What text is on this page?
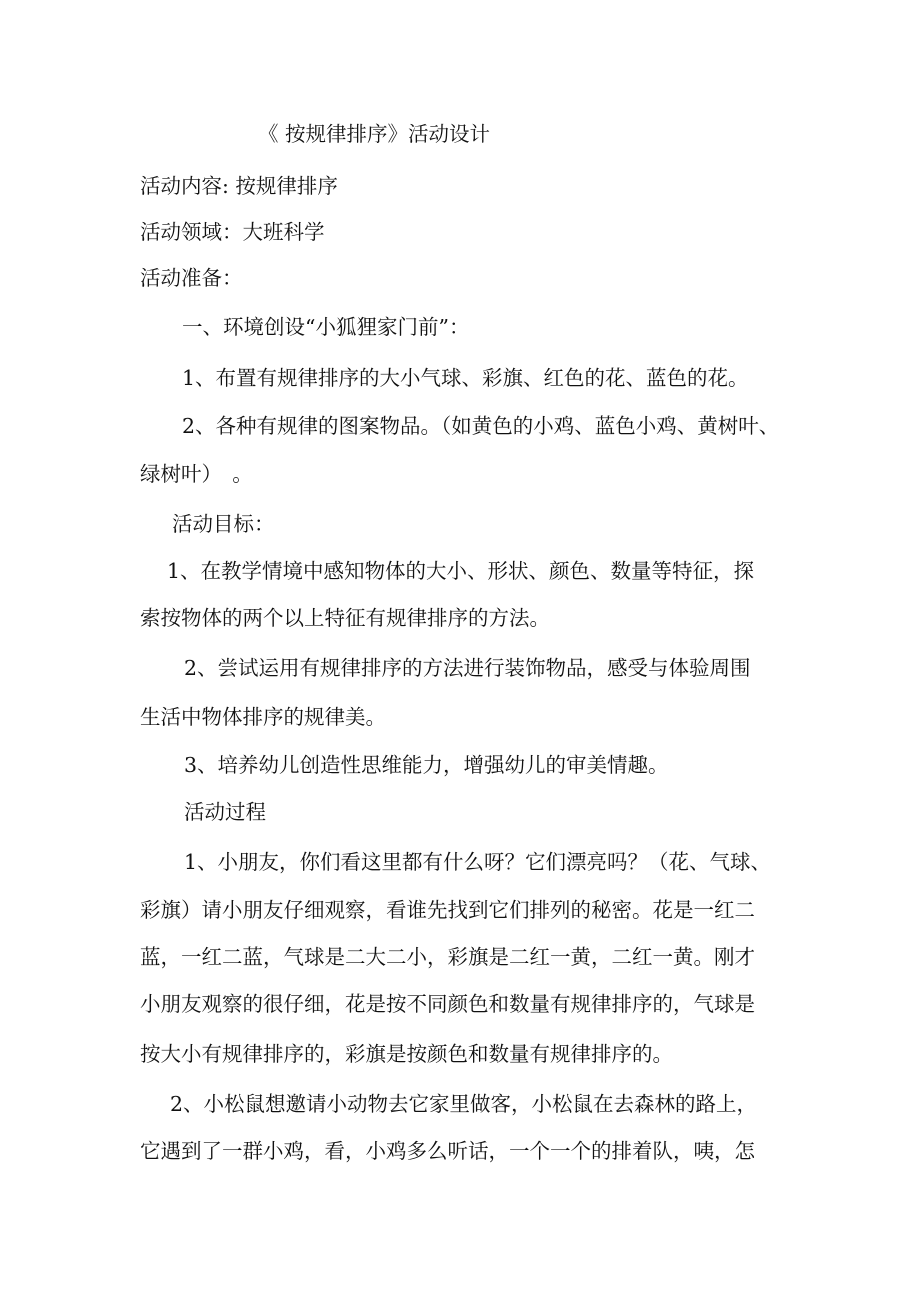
《 按规律排序》活动设计

活动内容: 按规律排序

活动领域：大班科学

活动准备：

一、环境创设“小狐狸家门前”：

1、布置有规律排序的大小气球、彩旗、红色的花、蓝色的花。

2、各种有规律的图案物品。（如黄色的小鸡、蓝色小鸡、黄树叶、

绿树叶）　。

活动目标：

1、在教学情境中感知物体的大小、形状、颜色、数量等特征，探

索按物体的两个以上特征有规律排序的方法。

2、尝试运用有规律排序的方法进行装饰物品，感受与体验周围

生活中物体排序的规律美。

3、培养幼儿创造性思维能力，增强幼儿的审美情趣。

活动过程

1、小朋友，你们看这里都有什么呀？它们漂亮吗？（花、气球、

彩旗）请小朋友仔细观察，看谁先找到它们排列的秘密。花是一红二

蓝，一红二蓝，气球是二大二小，彩旗是二红一黄，二红一黄。刚才

小朋友观察的很仔细，花是按不同颜色和数量有规律排序的，气球是

按大小有规律排序的，彩旗是按颜色和数量有规律排序的。

2、小松鼠想邀请小动物去它家里做客，小松鼠在去森林的路上，

它遇到了一群小鸡，看，小鸡多么听话，一个一个的排着队，咦，怎
